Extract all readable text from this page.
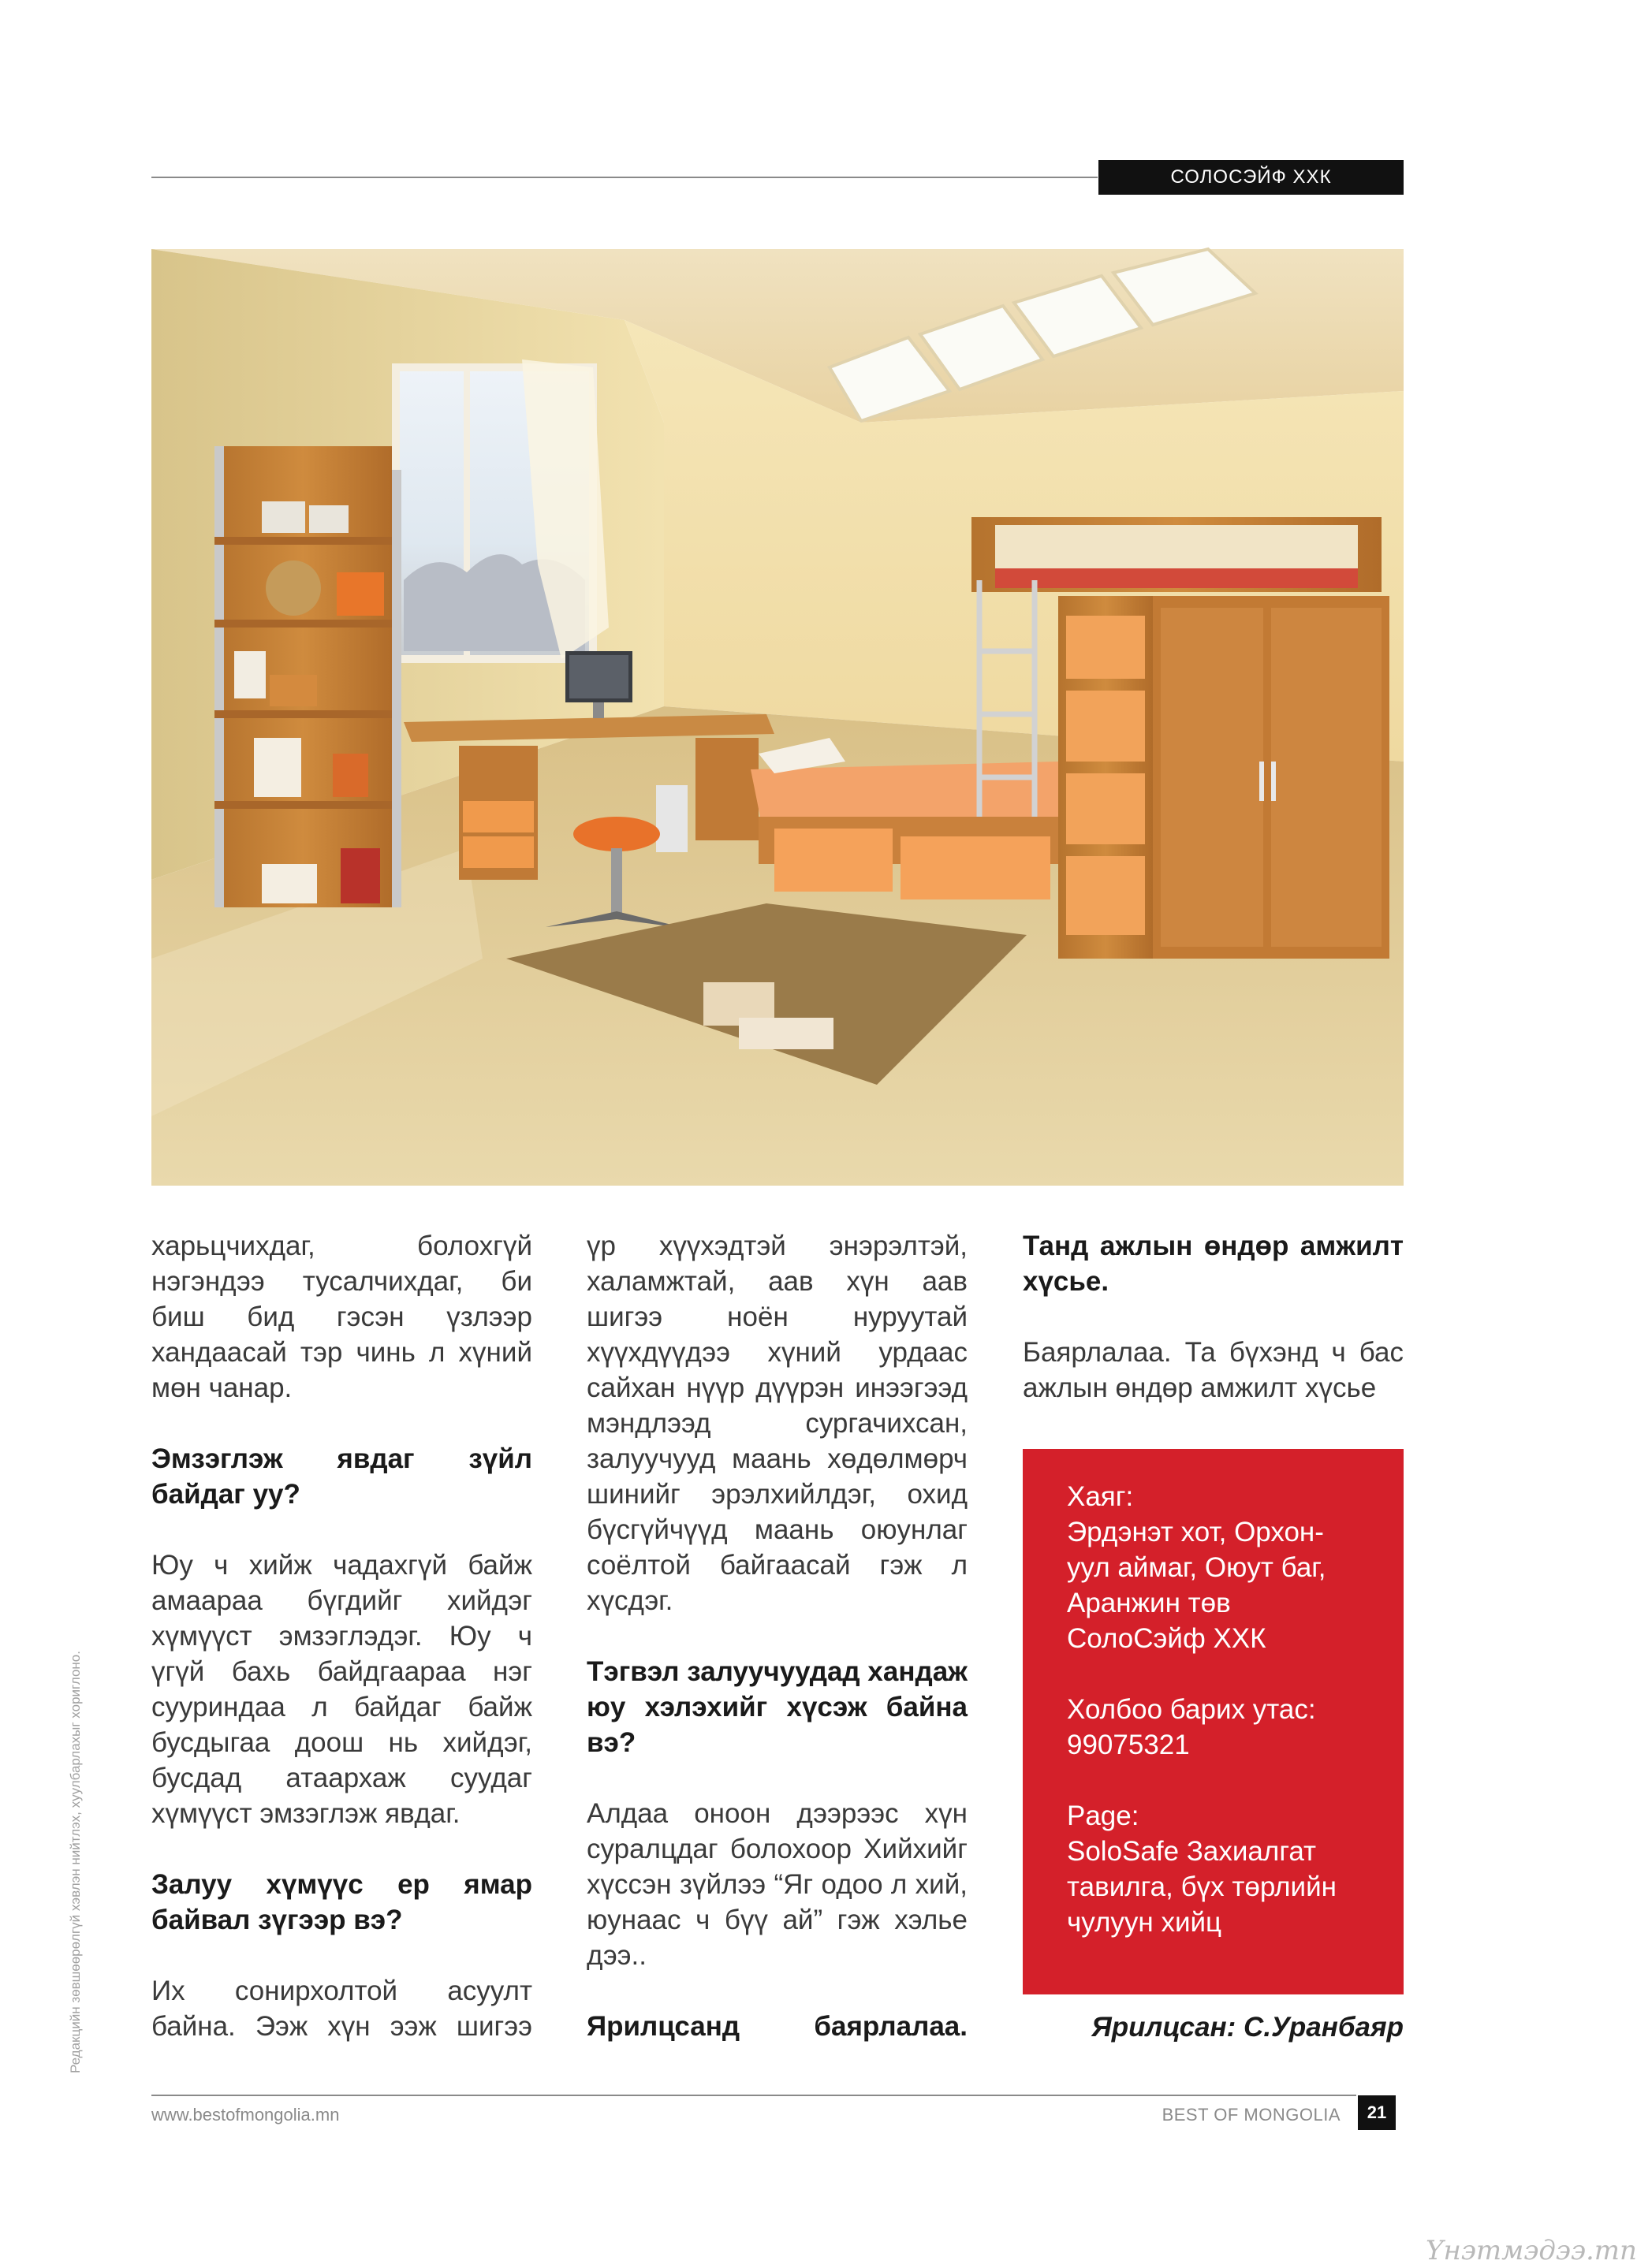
СОЛОСЭЙФ ХХК

харьцчихдаг, болохгүй нэгэндээ тусалчихдаг, би биш бид гэсэн үзлээр хандаасай тэр чинь л хүний мөн чанар.

Эмзэглэж явдаг зүйл байдаг уу?

Юу ч хийж чадахгүй байж амаараа бүгдийг хийдэг хүмүүст эмзэглэдэг. Юу ч үгүй бахь байдгаараа нэг сууриндаа л байдаг байж бусдыгаа доош нь хийдэг, бусдад атаархаж суудаг хүмүүст эмзэглэж явдаг.

Залуу хүмүүс ер ямар байвал зүгээр вэ?

Их сонирхолтой асуулт байна. Ээж хүн ээж шигээ

үр хүүхэдтэй энэрэлтэй, халамжтай, аав хүн аав шигээ ноён нуруутай хүүхдүүдээ хүний урдаас сайхан нүүр дүүрэн инээгээд мэндлээд сургачихсан, залуучууд маань хөдөлмөрч шинийг эрэлхийлдэг, охид бүсгүйчүүд маань оюунлаг соёлтой байгаасай гэж л хүсдэг.

Тэгвэл залуучуудад хандаж юу хэлэхийг хүсэж байна вэ?

Алдаа оноон дээрээс хүн суралцдаг болохоор Хийхийг хүссэн зүйлээ “Яг одоо л хий, юунаас ч бүү ай” гэж хэлье дээ..

Ярилцсанд баярлалаа.

Танд ажлын өндөр амжилт хүсье.

Баярлалаа. Та бүхэнд ч бас ажлын өндөр амжилт хүсье

Хаяг:
Эрдэнэт хот, Орхон-уул аймаг, Оюут баг, Аранжин төв СолоСэйф ХХК

Холбоо барих утас:
99075321

Page:
SoloSafe Захиалгат тавилга, бүх төрлийн чулуун хийц

Ярилцсан: С.Уранбаяр
Редакцийн зөвшөөрөлгүй хэвлэн нийтлэх, хуулбарлахыг хориглоно.
www.bestofmongolia.mn	BEST OF MONGOLIA	21
Үнэтмэдээ.mn
